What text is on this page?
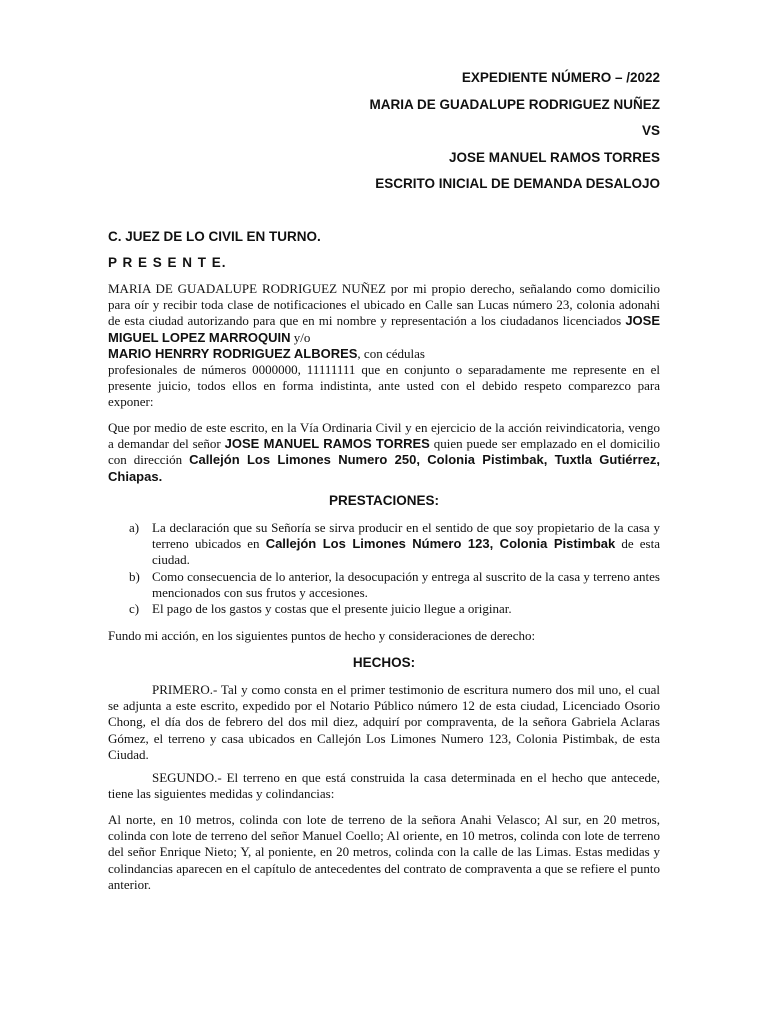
EXPEDIENTE NÚMERO – /2022
MARIA DE GUADALUPE RODRIGUEZ NUÑEZ
VS
JOSE MANUEL RAMOS TORRES
ESCRITO INICIAL DE DEMANDA DESALOJO
C. JUEZ DE LO CIVIL EN TURNO.
P R E S E N T E.

MARIA DE GUADALUPE RODRIGUEZ NUÑEZ por mi propio derecho, señalando como domicilio para oír y recibir toda clase de notificaciones el ubicado en Calle san Lucas número 23, colonia adonahi de esta ciudad autorizando para que en mi nombre y representación a los ciudadanos licenciados JOSE MIGUEL LOPEZ MARROQUIN y/o
MARIO HENRRY RODRIGUEZ ALBORES, con cédulas
profesionales de números 0000000, 11111111 que en conjunto o separadamente me represente en el presente juicio, todos ellos en forma indistinta, ante usted con el debido respeto comparezco para exponer:

Que por medio de este escrito, en la Vía Ordinaria Civil y en ejercicio de la acción reivindicatoria, vengo a demandar del señor JOSE MANUEL RAMOS TORRES quien puede ser emplazado en el domicilio con dirección Callejón Los Limones Numero 250, Colonia Pistimbak, Tuxtla Gutiérrez, Chiapas.

PRESTACIONES:
a) La declaración que su Señoría se sirva producir en el sentido de que soy propietario de la casa y terreno ubicados en Callejón Los Limones Número 123, Colonia Pistimbak de esta ciudad.
b) Como consecuencia de lo anterior, la desocupación y entrega al suscrito de la casa y terreno antes mencionados con sus frutos y accesiones.
c) El pago de los gastos y costas que el presente juicio llegue a originar.

Fundo mi acción, en los siguientes puntos de hecho y consideraciones de derecho:

HECHOS:

PRIMERO.- Tal y como consta en el primer testimonio de escritura numero dos mil uno, el cual se adjunta a este escrito, expedido por el Notario Público número 12 de esta ciudad, Licenciado Osorio Chong, el día dos de febrero del dos mil diez, adquirí por compraventa, de la señora Gabriela Aclaras Gómez, el terreno y casa ubicados en Callejón Los Limones Numero 123, Colonia Pistimbak, de esta Ciudad.

SEGUNDO.- El terreno en que está construida la casa determinada en el hecho que antecede, tiene las siguientes medidas y colindancias:

Al norte, en 10 metros, colinda con lote de terreno de la señora Anahi Velasco; Al sur, en 20 metros, colinda con lote de terreno del señor Manuel Coello; Al oriente, en 10 metros, colinda con lote de terreno del señor Enrique Nieto; Y, al poniente, en 20 metros, colinda con la calle de las Limas. Estas medidas y colindancias aparecen en el capítulo de antecedentes del contrato de compraventa a que se refiere el punto anterior.
